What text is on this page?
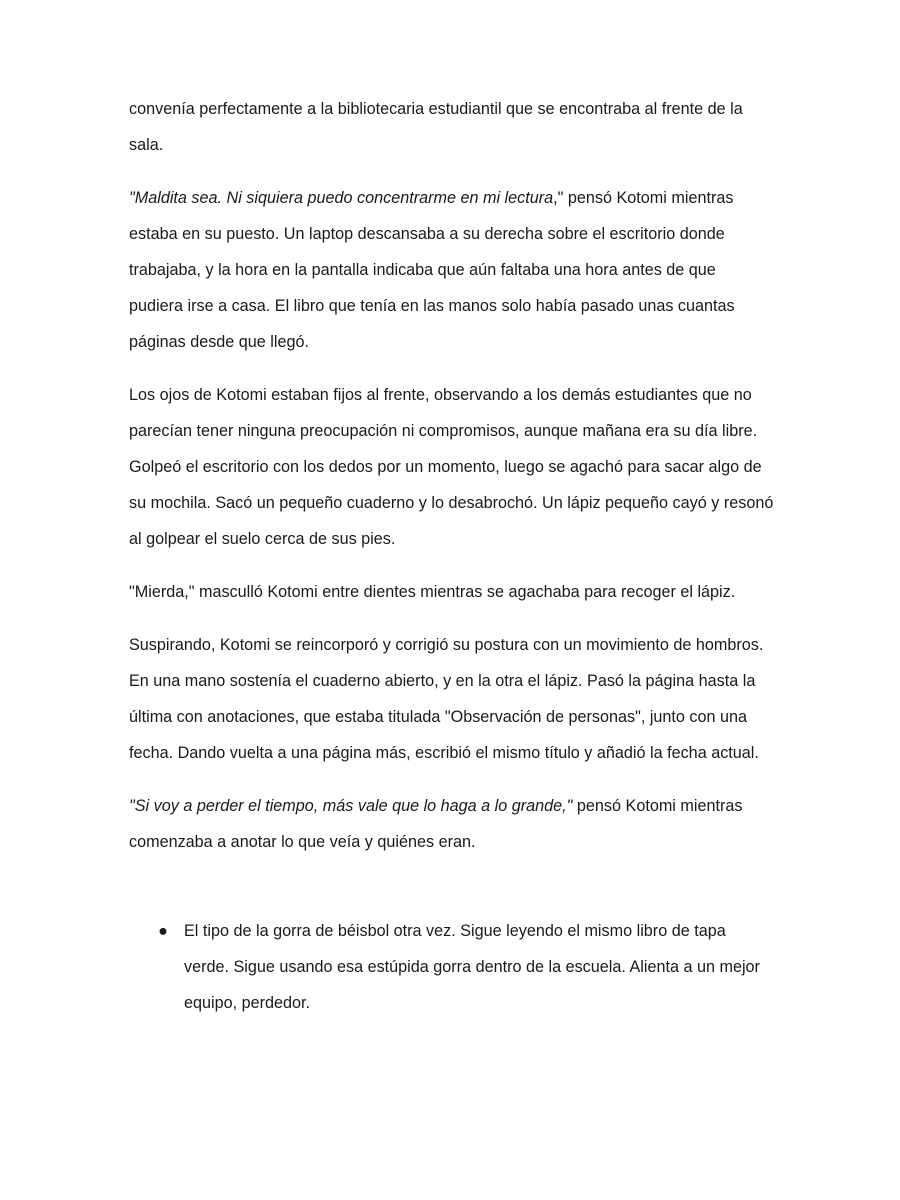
convenía perfectamente a la bibliotecaria estudiantil que se encontraba al frente de la sala.

"Maldita sea. Ni siquiera puedo concentrarme en mi lectura," pensó Kotomi mientras estaba en su puesto. Un laptop descansaba a su derecha sobre el escritorio donde trabajaba, y la hora en la pantalla indicaba que aún faltaba una hora antes de que pudiera irse a casa. El libro que tenía en las manos solo había pasado unas cuantas páginas desde que llegó.

Los ojos de Kotomi estaban fijos al frente, observando a los demás estudiantes que no parecían tener ninguna preocupación ni compromisos, aunque mañana era su día libre. Golpeó el escritorio con los dedos por un momento, luego se agachó para sacar algo de su mochila. Sacó un pequeño cuaderno y lo desabrochó. Un lápiz pequeño cayó y resonó al golpear el suelo cerca de sus pies.

"Mierda," masculló Kotomi entre dientes mientras se agachaba para recoger el lápiz.

Suspirando, Kotomi se reincorporó y corrigió su postura con un movimiento de hombros. En una mano sostenía el cuaderno abierto, y en la otra el lápiz. Pasó la página hasta la última con anotaciones, que estaba titulada "Observación de personas", junto con una fecha. Dando vuelta a una página más, escribió el mismo título y añadió la fecha actual.

"Si voy a perder el tiempo, más vale que lo haga a lo grande," pensó Kotomi mientras comenzaba a anotar lo que veía y quiénes eran.

● El tipo de la gorra de béisbol otra vez. Sigue leyendo el mismo libro de tapa verde. Sigue usando esa estúpida gorra dentro de la escuela. Alienta a un mejor equipo, perdedor.
